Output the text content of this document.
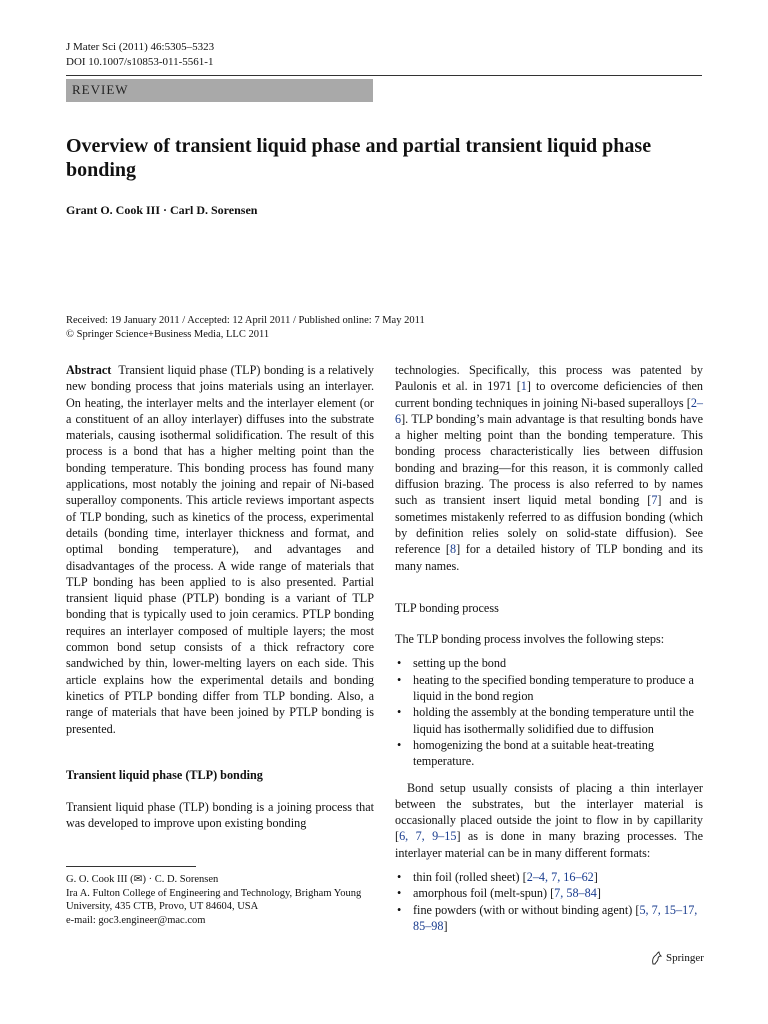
J Mater Sci (2011) 46:5305–5323
DOI 10.1007/s10853-011-5561-1
REVIEW
Overview of transient liquid phase and partial transient liquid phase bonding
Grant O. Cook III · Carl D. Sorensen
Received: 19 January 2011 / Accepted: 12 April 2011 / Published online: 7 May 2011
© Springer Science+Business Media, LLC 2011

Abstract Transient liquid phase (TLP) bonding is a relatively new bonding process that joins materials using an interlayer. On heating, the interlayer melts and the interlayer element (or a constituent of an alloy interlayer) diffuses into the substrate materials, causing isothermal solidification. The result of this process is a bond that has a higher melting point than the bonding temperature. This bonding process has found many applications, most notably the joining and repair of Ni-based superalloy components. This article reviews important aspects of TLP bonding, such as kinetics of the process, experimental details (bonding time, interlayer thickness and format, and optimal bonding temperature), and advantages and disadvantages of the process. A wide range of materials that TLP bonding has been applied to is also presented. Partial transient liquid phase (PTLP) bonding is a variant of TLP bonding that is typically used to join ceramics. PTLP bonding requires an interlayer composed of multiple layers; the most common bond setup consists of a thick refractory core sandwiched by thin, lower-melting layers on each side. This article explains how the experimental details and bonding kinetics of PTLP bonding differ from TLP bonding. Also, a range of materials that have been joined by PTLP bonding is presented.

Transient liquid phase (TLP) bonding

Transient liquid phase (TLP) bonding is a joining process that was developed to improve upon existing bonding

G. O. Cook III (✉) · C. D. Sorensen
Ira A. Fulton College of Engineering and Technology, Brigham Young University, 435 CTB, Provo, UT 84604, USA
e-mail: goc3.engineer@mac.com

technologies. Specifically, this process was patented by Paulonis et al. in 1971 [1] to overcome deficiencies of then current bonding techniques in joining Ni-based superalloys [2–6]. TLP bonding’s main advantage is that resulting bonds have a higher melting point than the bonding temperature. This bonding process characteristically lies between diffusion bonding and brazing—for this reason, it is commonly called diffusion brazing. The process is also referred to by names such as transient insert liquid metal bonding [7] and is sometimes mistakenly referred to as diffusion bonding (which by definition relies solely on solid-state diffusion). See reference [8] for a detailed history of TLP bonding and its many names.

TLP bonding process

The TLP bonding process involves the following steps:

• setting up the bond
• heating to the specified bonding temperature to produce a liquid in the bond region
• holding the assembly at the bonding temperature until the liquid has isothermally solidified due to diffusion
• homogenizing the bond at a suitable heat-treating temperature.

Bond setup usually consists of placing a thin interlayer between the substrates, but the interlayer material is occasionally placed outside the joint to flow in by capillarity [6, 7, 9–15] as is done in many brazing processes. The interlayer material can be in many different formats:

• thin foil (rolled sheet) [2–4, 7, 16–62]
• amorphous foil (melt-spun) [7, 58–84]
• fine powders (with or without binding agent) [5, 7, 15–17, 85–98]
Springer
